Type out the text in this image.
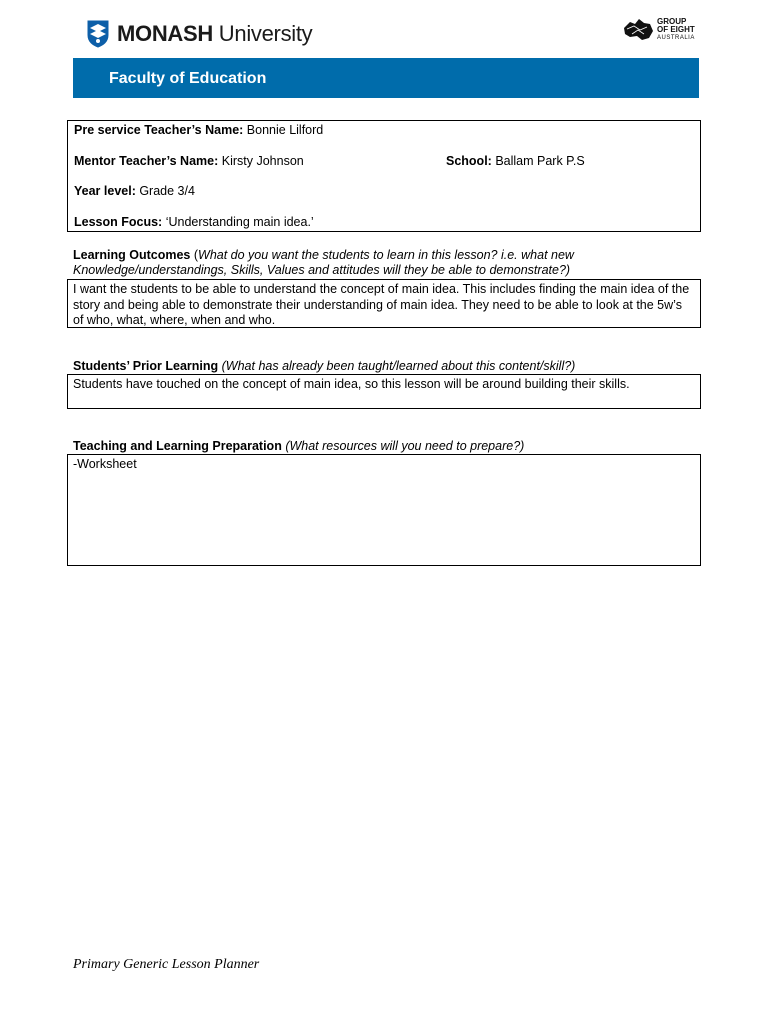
MONASH University	GROUP
OF EIGHT
AUSTRALIA
Faculty of Education
Pre service Teacher’s Name: Bonnie Lilford
Mentor Teacher’s Name: Kirsty Johnson	School: Ballam Park P.S
Year level: Grade 3/4
Lesson Focus: ‘Understanding main idea.’
Learning Outcomes (What do you want the students to learn in this lesson? i.e. what new Knowledge/understandings, Skills, Values and attitudes will they be able to demonstrate?)
I want the students to be able to understand the concept of main idea. This includes finding the main idea of the story and being able to demonstrate their understanding of main idea. They need to be able to look at the 5w’s of who, what, where, when and who.
Students’ Prior Learning (What has already been taught/learned about this content/skill?)
Students have touched on the concept of main idea, so this lesson will be around building their skills.
Teaching and Learning Preparation (What resources will you need to prepare?)
-Worksheet
Primary Generic Lesson Planner
